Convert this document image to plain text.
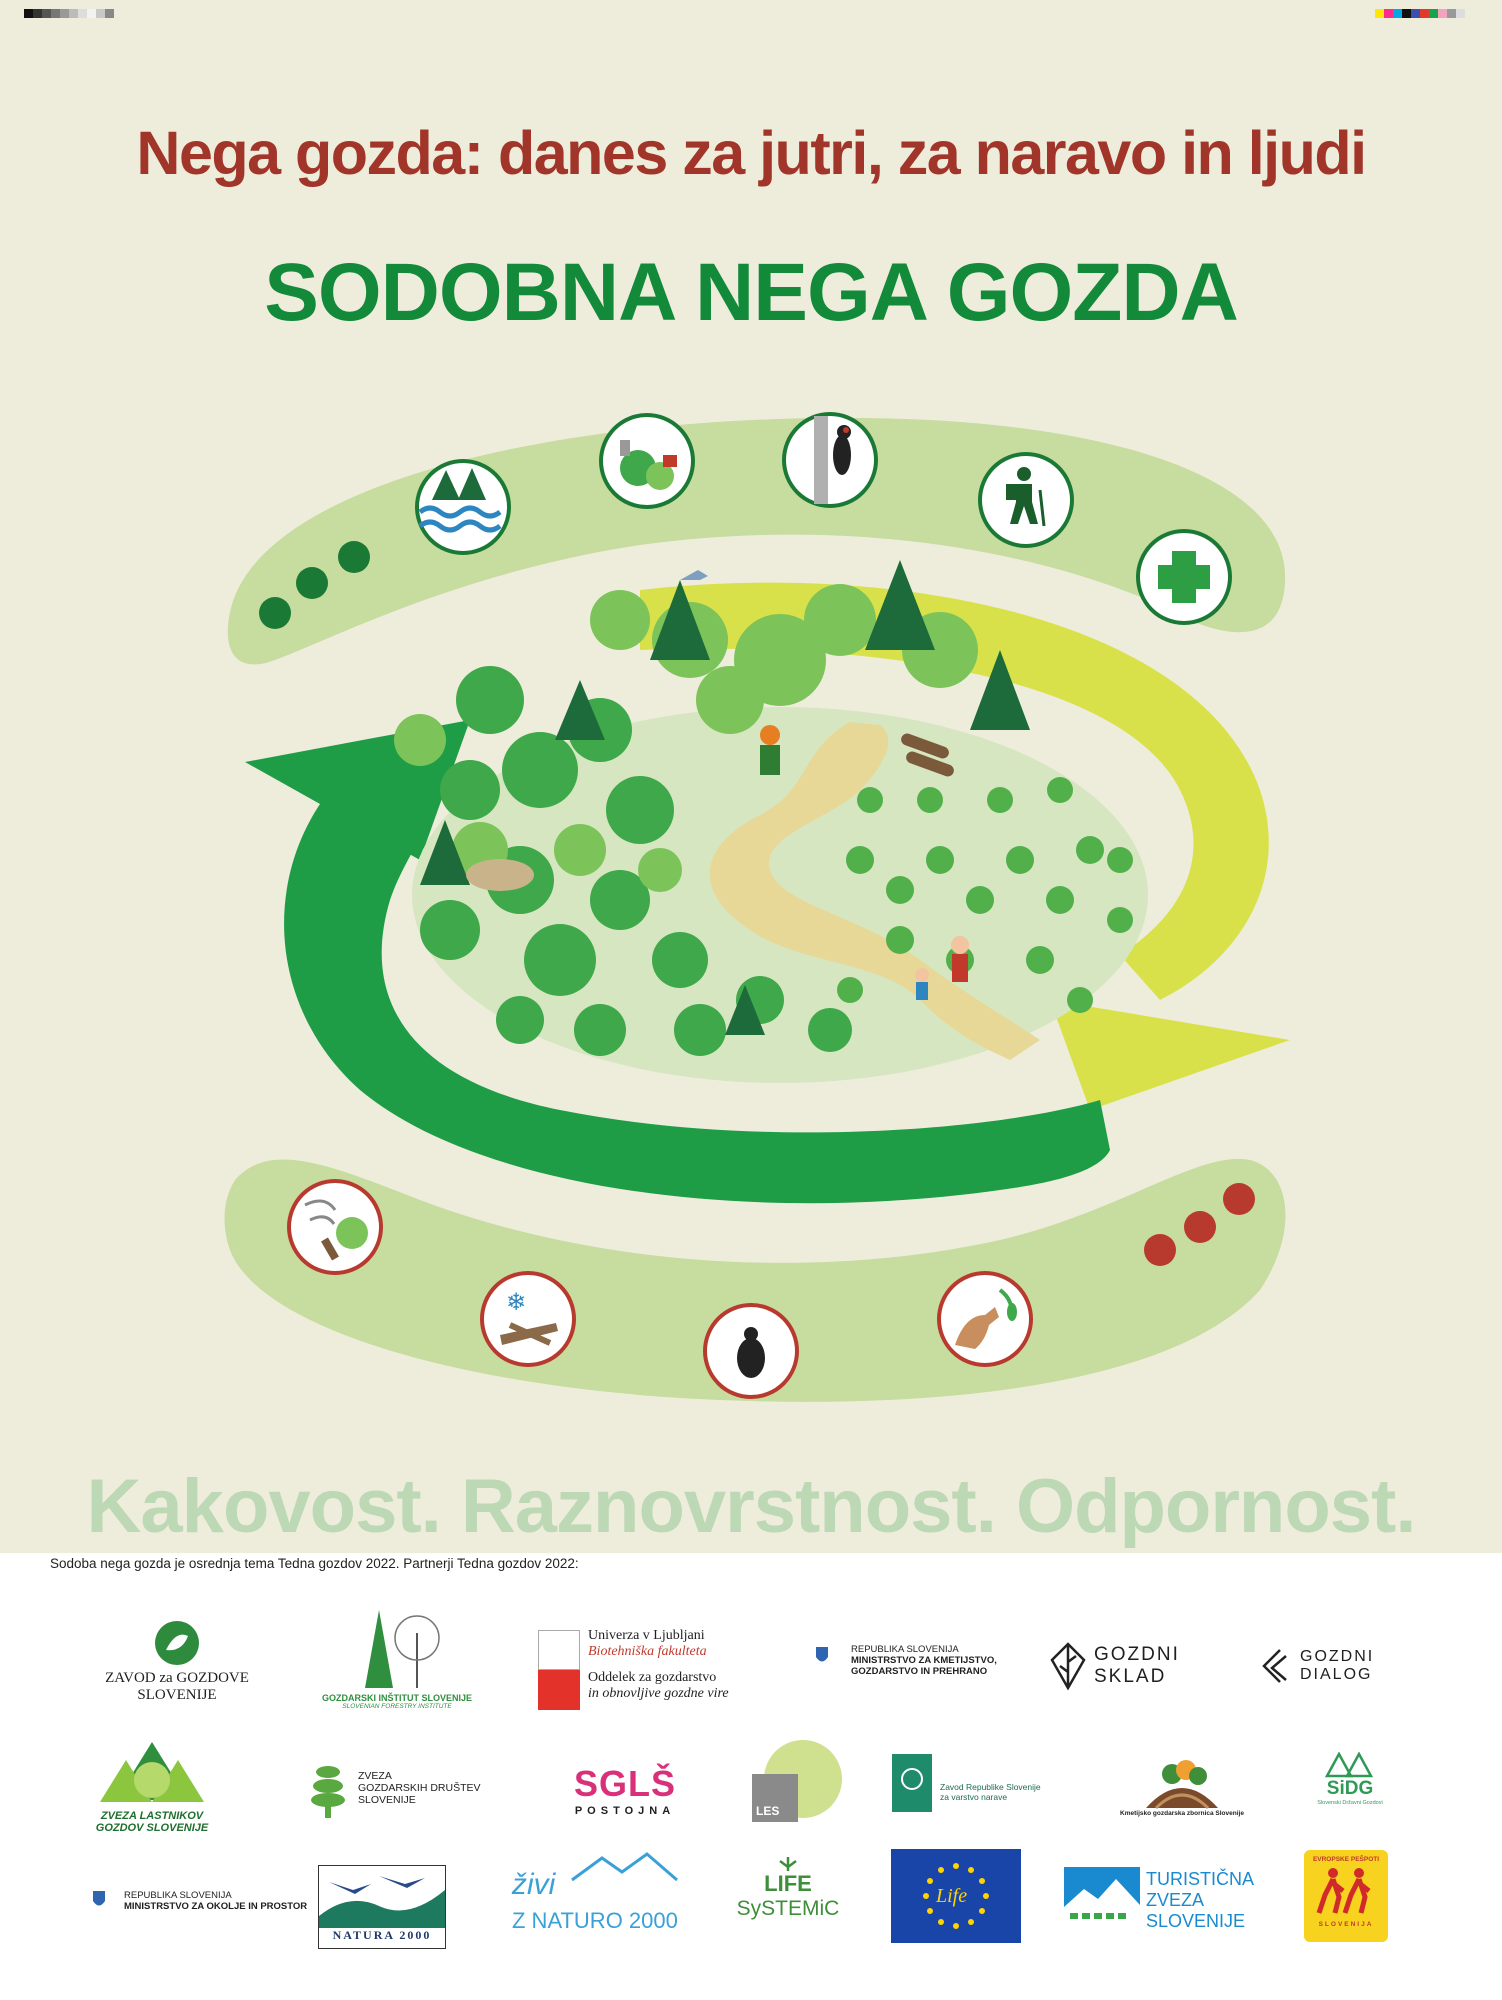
Nega gozda: danes za jutri, za naravo in ljudi
SODOBNA NEGA GOZDA
❄
Kakovost. Raznovrstnost. Odpornost.
Sodoba nega gozda je osrednja tema Tedna gozdov 2022. Partnerji Tedna gozdov 2022:
ZAVOD za GOZDOVE
SLOVENIJE	GOZDARSKI INŠTITUT SLOVENIJE
SLOVENIAN FORESTRY INSTITUTE
Univerza v Ljubljani
Biotehniška fakulteta
Oddelek za gozdarstvo
in obnovljive gozdne vire
REPUBLIKA SLOVENIJA
MINISTRSTVO ZA KMETIJSTVO,
GOZDARSTVO IN PREHRANO
GOZDNI
SKLAD
GOZDNI
DIALOG
ZVEZA LASTNIKOV
GOZDOV SLOVENIJE
ZVEZA
GOZDARSKIH DRUŠTEV
SLOVENIJE	SGLŠ
POSTOJNA	LES
Zavod Republike Slovenije
za varstvo narave
Kmetijsko gozdarska zbornica Slovenije
SiDG
Slovenski Državni Gozdovi
REPUBLIKA SLOVENIJA
MINISTRSTVO ZA OKOLJE IN PROSTOR
NATURA 2000
živi
Z NATURO 2000
LIFE
SySTEMiC
Life
TURISTIČNA
ZVEZA
SLOVENIJE
EVROPSKE PEŠPOTI
SLOVENIJA
